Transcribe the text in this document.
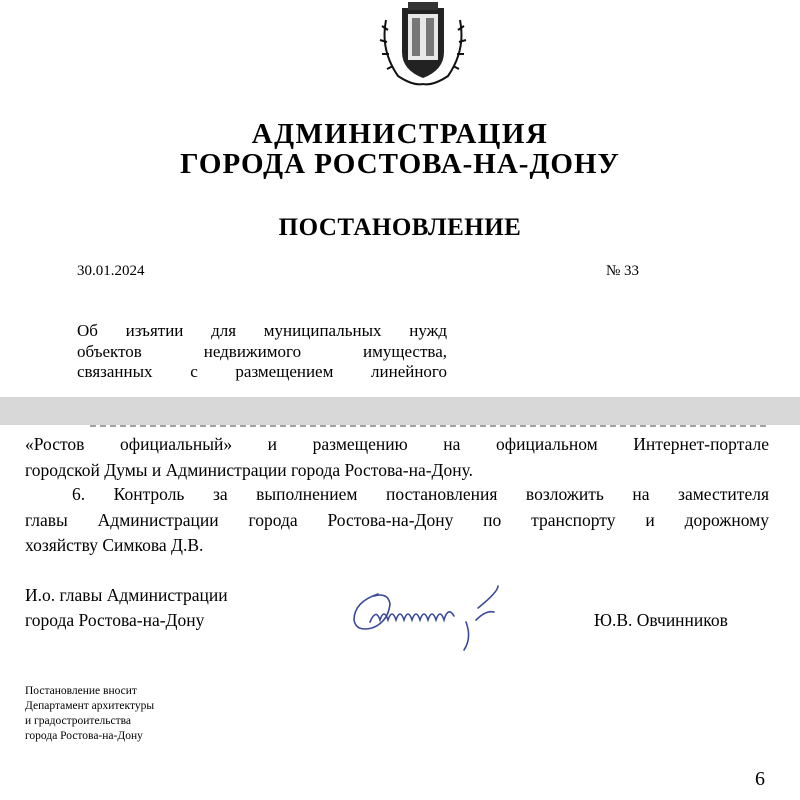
АДМИНИСТРАЦИЯ
ГОРОДА РОСТОВА-НА-ДОНУ
ПОСТАНОВЛЕНИЕ
30.01.2024	№ 33
Об изъятии для муниципальных нужд
объектов недвижимого имущества,
связанных с размещением линейного
«Ростов официальный» и размещению на официальном Интернет-портале
городской Думы и Администрации города Ростова-на-Дону.
6. Контроль за выполнением постановления возложить на заместителя
главы Администрации города Ростова-на-Дону по транспорту и дорожному
хозяйству Симкова Д.В.
И.о. главы Администрации
города Ростова-на-Дону	Ю.В. Овчинников
Постановление вносит
Департамент архитектуры
и градостроительства
города Ростова-на-Дону
6
